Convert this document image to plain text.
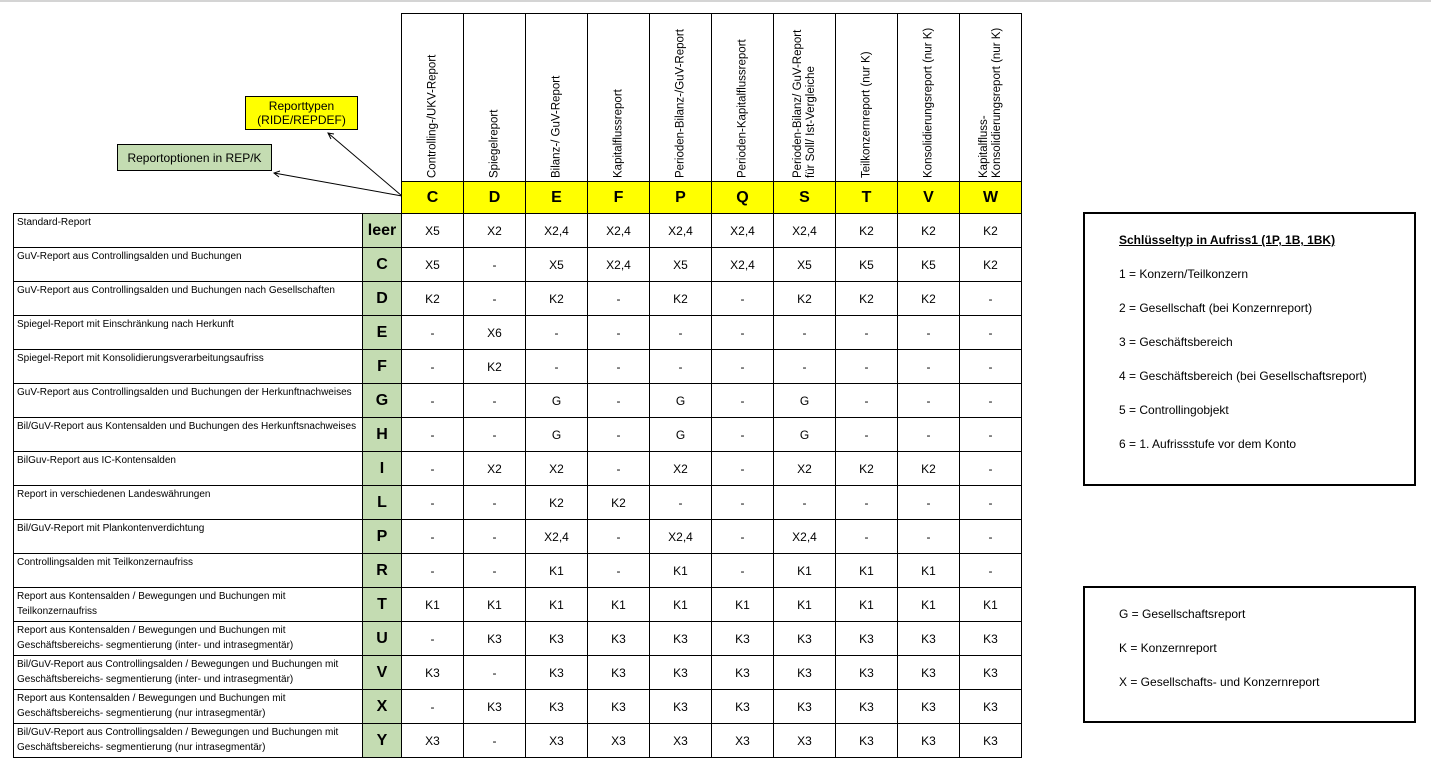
Reporttypen
(RIDE/REPDEF)
Reportoptionen in REP/K

		Controlling-/UKV-Report	Spiegelreport	Bilanz-/ GuV-Report	Kapitalflussreport	Perioden-Bilanz-/GuV-Report	Perioden-Kapitalflussreport	Perioden-Bilanz/ GuV-Report für Soll/ Ist-Vergleiche	Teilkonzernreport (nur K)	Konsolidierungsreport (nur K)	Kapitalfluss-Konsolidierungsreport (nur K)

		C	D	E	F	P	Q	S	T	V	W
Standard-Report	leer	X5	X2	X2,4	X2,4	X2,4	X2,4	X2,4	K2	K2	K2
GuV-Report aus Controllingsalden und Buchungen	C	X5	-	X5	X2,4	X5	X2,4	X5	K5	K5	K2
GuV-Report aus Controllingsalden und Buchungen nach Gesellschaften	D	K2	-	K2	-	K2	-	K2	K2	K2	-
Spiegel-Report mit Einschränkung nach Herkunft	E	-	X6	-	-	-	-	-	-	-	-
Spiegel-Report mit Konsolidierungsverarbeitungsaufriss	F	-	K2	-	-	-	-	-	-	-	-
GuV-Report aus Controllingsalden und Buchungen der Herkunftnachweises	G	-	-	G	-	G	-	G	-	-	-
Bil/GuV-Report aus Kontensalden und Buchungen des Herkunftsnachweises	H	-	-	G	-	G	-	G	-	-	-
BilGuv-Report aus IC-Kontensalden	I	-	X2	X2	-	X2	-	X2	K2	K2	-
Report in verschiedenen Landeswährungen	L	-	-	K2	K2	-	-	-	-	-	-
Bil/GuV-Report mit Plankontenverdichtung	P	-	-	X2,4	-	X2,4	-	X2,4	-	-	-
Controllingsalden mit Teilkonzernaufriss	R	-	-	K1	-	K1	-	K1	K1	K1	-
Report aus Kontensalden / Bewegungen und Buchungen mit Teilkonzernaufriss	T	K1	K1	K1	K1	K1	K1	K1	K1	K1	K1
Report aus Kontensalden / Bewegungen und Buchungen mit Geschäftsbereichs- segmentierung (inter- und intrasegmentär)	U	-	K3	K3	K3	K3	K3	K3	K3	K3	K3
Bil/GuV-Report aus Controllingsalden / Bewegungen und Buchungen mit Geschäftsbereichs- segmentierung (inter- und intrasegmentär)	V	K3	-	K3	K3	K3	K3	K3	K3	K3	K3
Report aus Kontensalden / Bewegungen und Buchungen mit Geschäftsbereichs- segmentierung (nur intrasegmentär)	X	-	K3	K3	K3	K3	K3	K3	K3	K3	K3
Bil/GuV-Report aus Controllingsalden / Bewegungen und Buchungen mit Geschäftsbereichs- segmentierung (nur intrasegmentär)	Y	X3	-	X3	X3	X3	X3	X3	K3	K3	K3
Schlüsseltyp in Aufriss1 (1P, 1B, 1BK)
1 = Konzern/Teilkonzern
2 = Gesellschaft (bei Konzernreport)
3 = Geschäftsbereich
4 = Geschäftsbereich (bei Gesellschaftsreport)
5 = Controllingobjekt
6 = 1. Aufrissstufe vor dem Konto
G = Gesellschaftsreport
K = Konzernreport
X = Gesellschafts- und Konzernreport
